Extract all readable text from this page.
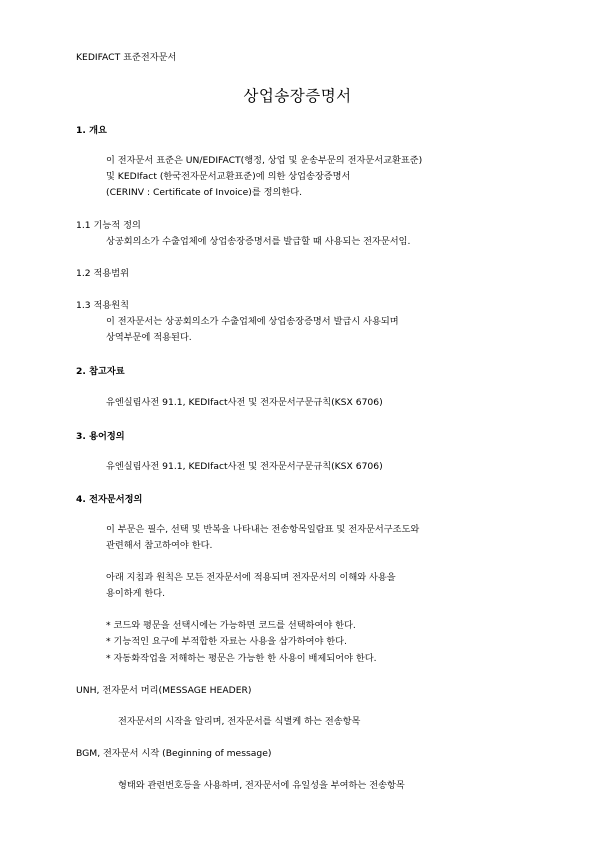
KEDIFACT 표준전자문서
상업송장증명서
1. 개요
이 전자문서 표준은 UN/EDIFACT(행정, 상업 및 운송부문의 전자문서교환표준)
및 KEDIfact (한국전자문서교환표준)에 의한 상업송장증명서
(CERINV : Certificate of Invoice)를 정의한다.
1.1 기능적 정의
상공회의소가 수출업체에 상업송장증명서를 발급할 때 사용되는 전자문서임.
1.2 적용범위
1.3 적용원칙
이 전자문서는 상공회의소가 수출업체에 상업송장증명서 발급시 사용되며
상역부문에 적용된다.
2. 참고자료
유엔실림사전 91.1, KEDIfact사전 및 전자문서구문규칙(KSX 6706)
3. 용어정의
유엔실림사전 91.1, KEDIfact사전 및 전자문서구문규칙(KSX 6706)
4. 전자문서정의
이 부문은 필수, 선택 및 반복을 나타내는 전송항목일람표 및 전자문서구조도와
관련해서 참고하여야 한다.
아래 지침과 원칙은 모든 전자문서에 적용되며 전자문서의 이해와 사용을
용이하게 한다.
* 코드와 평문을 선택시에는 가능하면 코드를 선택하여야 한다.
* 기능적인 요구에 부적합한 자료는 사용을 삼가하여야 한다.
* 자동화작업을 저해하는 평문은 가능한 한 사용이 배제되어야 한다.
UNH, 전자문서 머리(MESSAGE HEADER)
전자문서의 시작을 알리며, 전자문서를 식별케 하는 전송항목
BGM, 전자문서 시작 (Beginning of message)
형태와 관련번호등을 사용하며, 전자문서에 유일성을 부여하는 전송항목
